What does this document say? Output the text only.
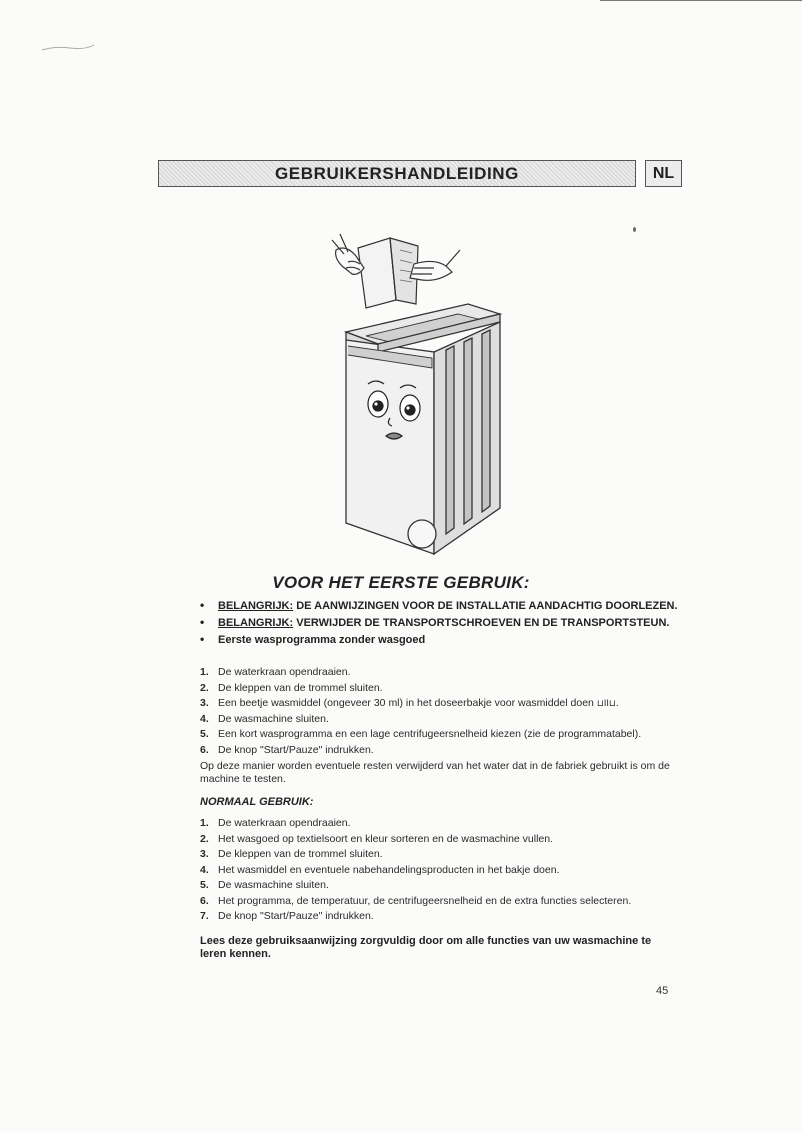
GEBRUIKERSHANDLEIDING	NL
VOOR HET EERSTE GEBRUIK:
• BELANGRIJK: DE AANWIJZINGEN VOOR DE INSTALLATIE AANDACHTIG DOORLEZEN.
• BELANGRIJK: VERWIJDER DE TRANSPORTSCHROEVEN EN DE TRANSPORTSTEUN.
• Eerste wasprogramma zonder wasgoed
1. De waterkraan opendraaien.
2. De kleppen van de trommel sluiten.
3. Een beetje wasmiddel (ongeveer 30 ml) in het doseerbakje voor wasmiddel doen
⊔II⊔ .
4. De wasmachine sluiten.
5. Een kort wasprogramma en een lage centrifugeersnelheid kiezen (zie de programmatabel).
6. De knop "Start/Pauze" indrukken.
Op deze manier worden eventuele resten verwijderd van het water dat in de fabriek gebruikt is om de machine te testen.
NORMAAL GEBRUIK:
1. De waterkraan opendraaien.
2. Het wasgoed op textielsoort en kleur sorteren en de wasmachine vullen.
3. De kleppen van de trommel sluiten.
4. Het wasmiddel en eventuele nabehandelingsproducten in het bakje doen.
5. De wasmachine sluiten.
6. Het programma, de temperatuur, de centrifugeersnelheid en de extra functies selecteren.
7. De knop "Start/Pauze" indrukken.
Lees deze gebruiksaanwijzing zorgvuldig door om alle functies van uw wasmachine te leren kennen.
45
